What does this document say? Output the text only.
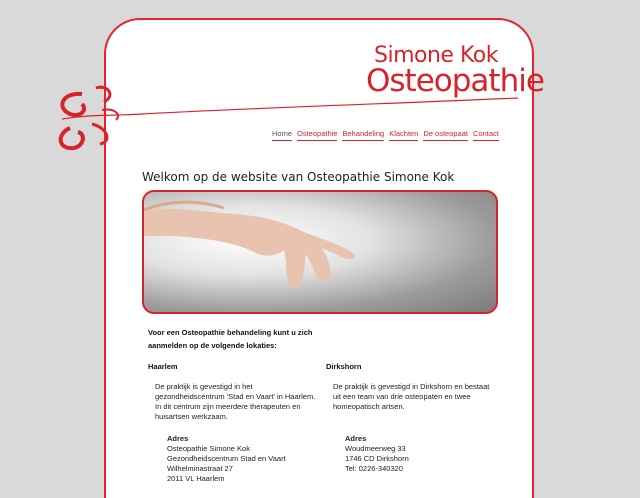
Simone Kok
Osteopathie
Home Osteopathie Behandeling Klachten De osteopaat Contact
Welkom op de website van Osteopathie Simone Kok
Voor een Osteopathie behandeling kunt u zich
aanmelden op de volgende lokaties:
Haarlem

De praktijk is gevestigd in het

gezondheidscentrum 'Stad en Vaart' in Haarlem.

In dit centrum zijn meerdere therapeuten en

huisartsen werkzaam.

Adres

Osteopathie Simone Kok

Gezondheidscentrum Stad en Vaart

Wilhelminastraat 27

2011 VL Haarlem

Dirkshorn

De praktijk is gevestigd in Dirkshorn en bestaat

uit een team van drie osteopaten en twee

homeopatisch artsen.

Adres

Woudmeerweg 33

1746 CD Dirkshorn

Tel: 0226-340320
